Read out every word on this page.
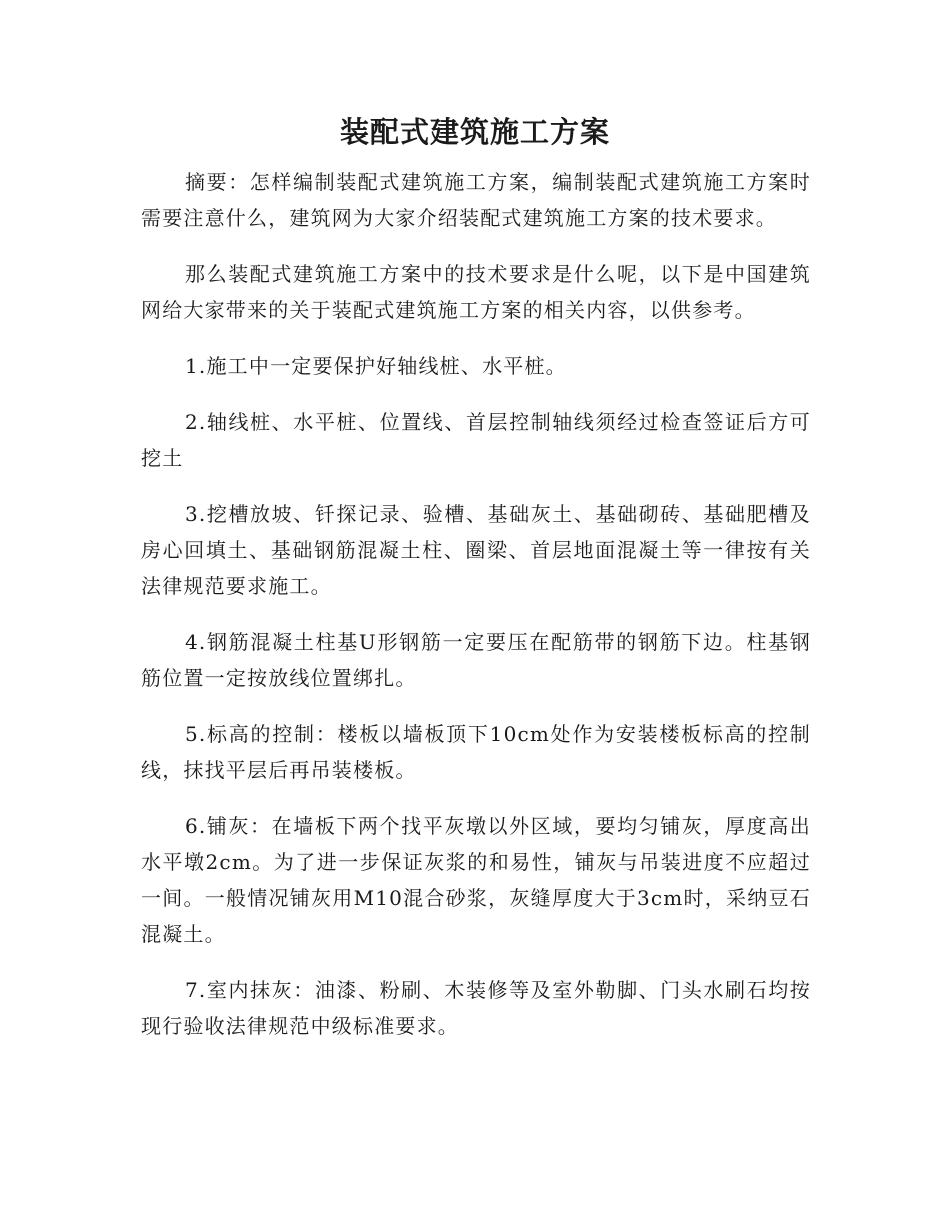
装配式建筑施工方案

摘要：怎样编制装配式建筑施工方案，编制装配式建筑施工方案时需要注意什么，建筑网为大家介绍装配式建筑施工方案的技术要求。

那么装配式建筑施工方案中的技术要求是什么呢，以下是中国建筑网给大家带来的关于装配式建筑施工方案的相关内容，以供参考。

1.施工中一定要保护好轴线桩、水平桩。

2.轴线桩、水平桩、位置线、首层控制轴线须经过检查签证后方可挖土

3.挖槽放坡、钎探记录、验槽、基础灰土、基础砌砖、基础肥槽及房心回填土、基础钢筋混凝土柱、圈梁、首层地面混凝土等一律按有关法律规范要求施工。

4.钢筋混凝土柱基U形钢筋一定要压在配筋带的钢筋下边。柱基钢筋位置一定按放线位置绑扎。

5.标高的控制：楼板以墙板顶下10cm处作为安装楼板标高的控制线，抹找平层后再吊装楼板。

6.铺灰：在墙板下两个找平灰墩以外区域，要均匀铺灰，厚度高出水平墩2cm。为了进一步保证灰浆的和易性，铺灰与吊装进度不应超过一间。一般情况铺灰用M10混合砂浆，灰缝厚度大于3cm时，采纳豆石混凝土。

7.室内抹灰：油漆、粉刷、木装修等及室外勒脚、门头水刷石均按现行验收法律规范中级标准要求。
